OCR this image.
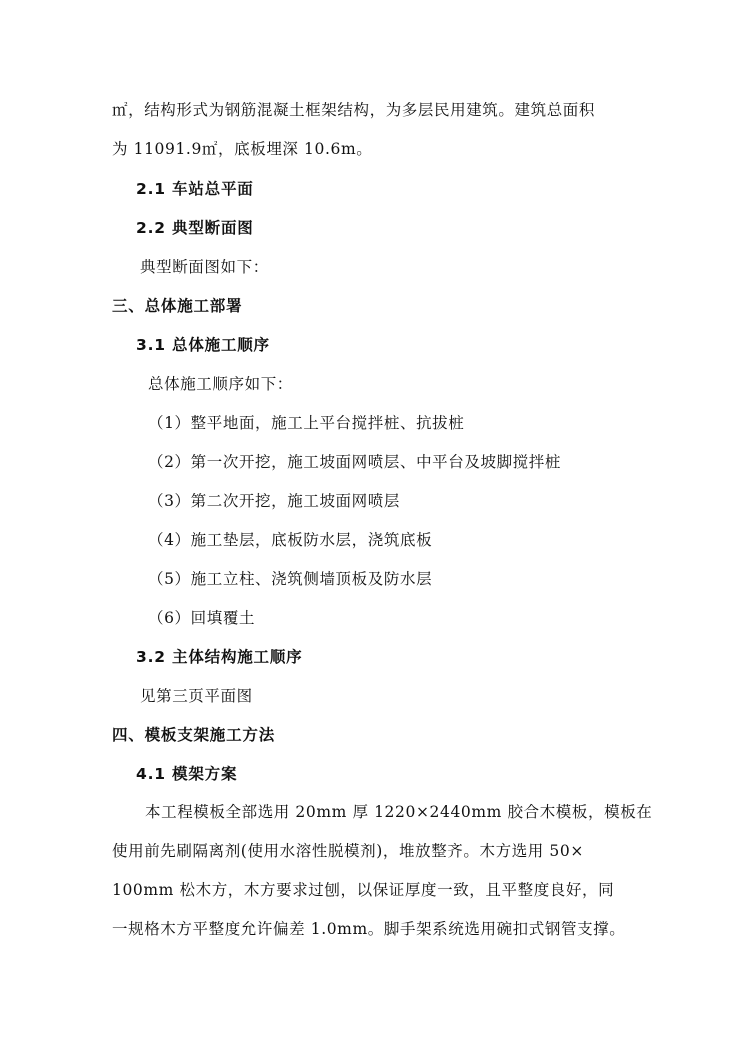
㎡，结构形式为钢筋混凝土框架结构，为多层民用建筑。建筑总面积
为 11091.9㎡，底板埋深 10.6m。
2.1 车站总平面
2.2 典型断面图
典型断面图如下：
三、总体施工部署
3.1 总体施工顺序
总体施工顺序如下：
（1）整平地面，施工上平台搅拌桩、抗拔桩
（2）第一次开挖，施工坡面网喷层、中平台及坡脚搅拌桩
（3）第二次开挖，施工坡面网喷层
（4）施工垫层，底板防水层，浇筑底板
（5）施工立柱、浇筑侧墙顶板及防水层
（6）回填覆土
3.2 主体结构施工顺序
见第三页平面图
四、模板支架施工方法
4.1 模架方案
本工程模板全部选用 20mm 厚 1220×2440mm 胶合木模板，模板在
使用前先刷隔离剂(使用水溶性脱模剂)，堆放整齐。木方选用 50×
100mm 松木方，木方要求过刨，以保证厚度一致，且平整度良好，同
一规格木方平整度允许偏差 1.0mm。脚手架系统选用碗扣式钢管支撑。
